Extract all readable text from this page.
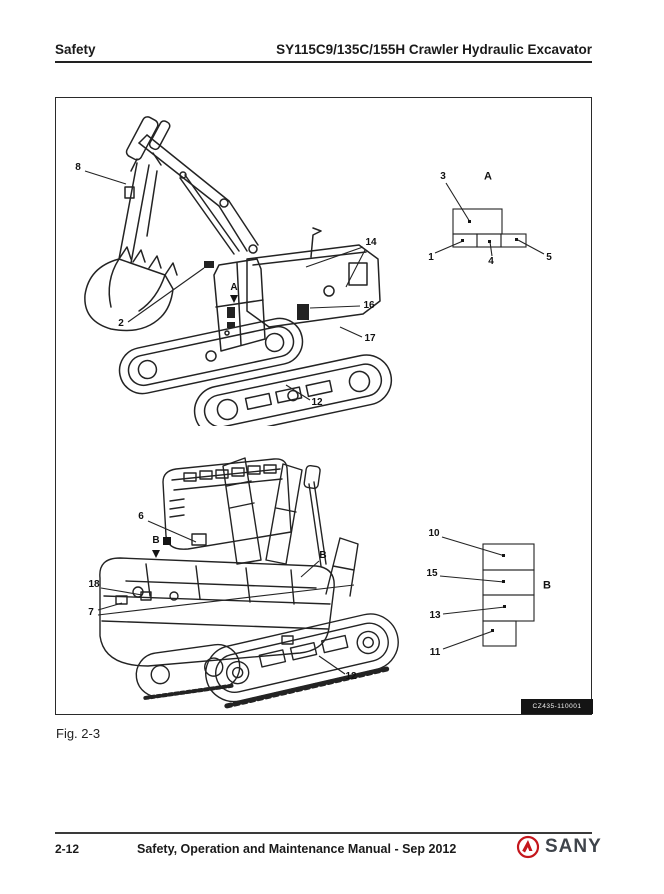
Safety	SY115C9/135C/155H Crawler Hydraulic Excavator
8
2
14
16
17
12
A
6
B
18
7
B
12
3	A
1	4	5
10
15
13
11
B
CZ435-110001
Fig. 2-3
2-12	Safety, Operation and Maintenance Manual - Sep 2012	SANY
